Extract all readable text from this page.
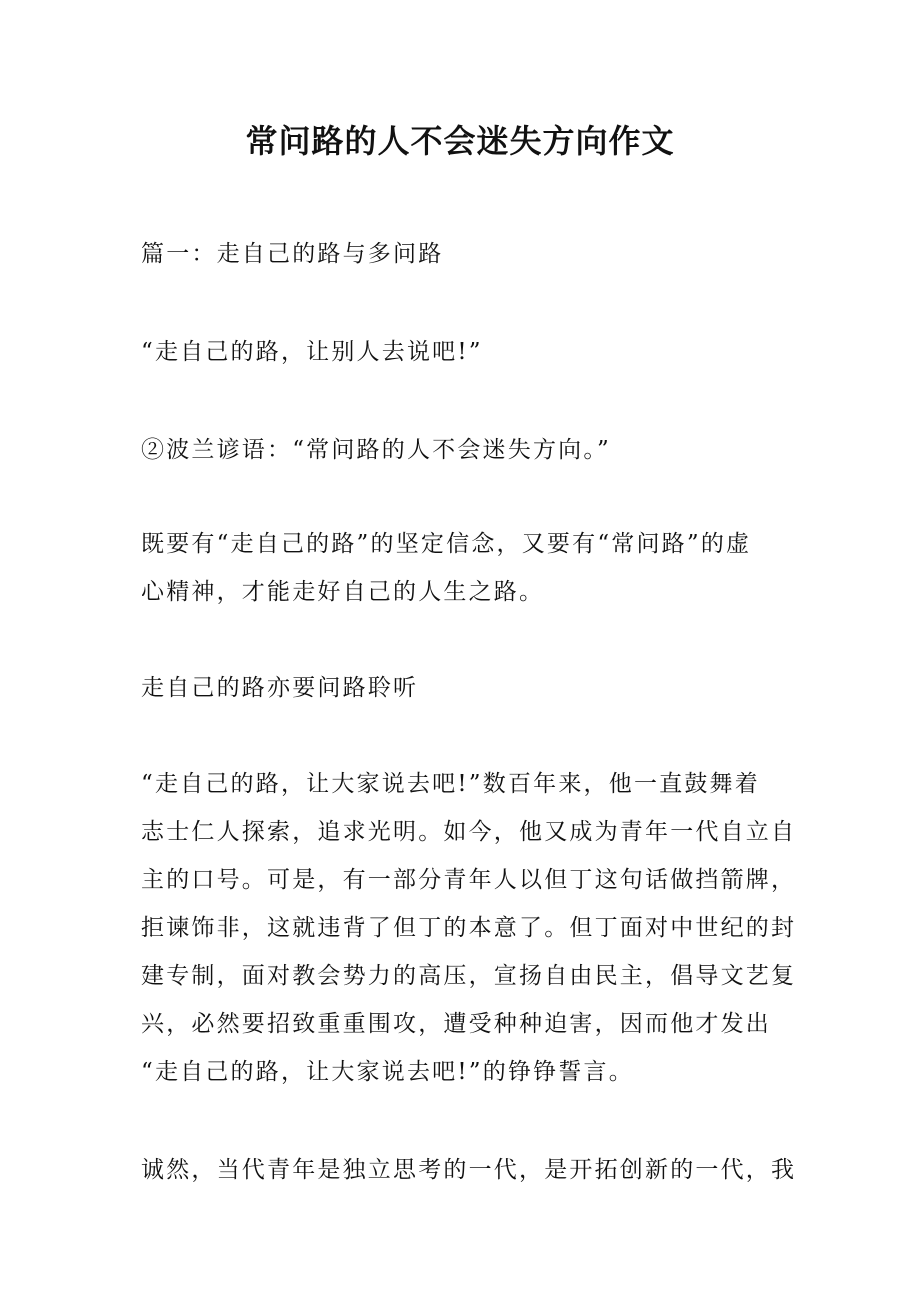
常问路的人不会迷失方向作文

篇一：走自己的路与多问路

“走自己的路，让别人去说吧!”

②波兰谚语：“常问路的人不会迷失方向。”

既要有“走自己的路”的坚定信念，又要有“常问路”的虚
心精神，才能走好自己的人生之路。

走自己的路亦要问路聆听

“走自己的路，让大家说去吧!”数百年来，他一直鼓舞着
志士仁人探索，追求光明。如今，他又成为青年一代自立自
主的口号。可是，有一部分青年人以但丁这句话做挡箭牌，
拒谏饰非，这就违背了但丁的本意了。但丁面对中世纪的封
建专制，面对教会势力的高压，宣扬自由民主，倡导文艺复
兴，必然要招致重重围攻，遭受种种迫害，因而他才发出
“走自己的路，让大家说去吧!”的铮铮誓言。

诚然，当代青年是独立思考的一代，是开拓创新的一代，我
